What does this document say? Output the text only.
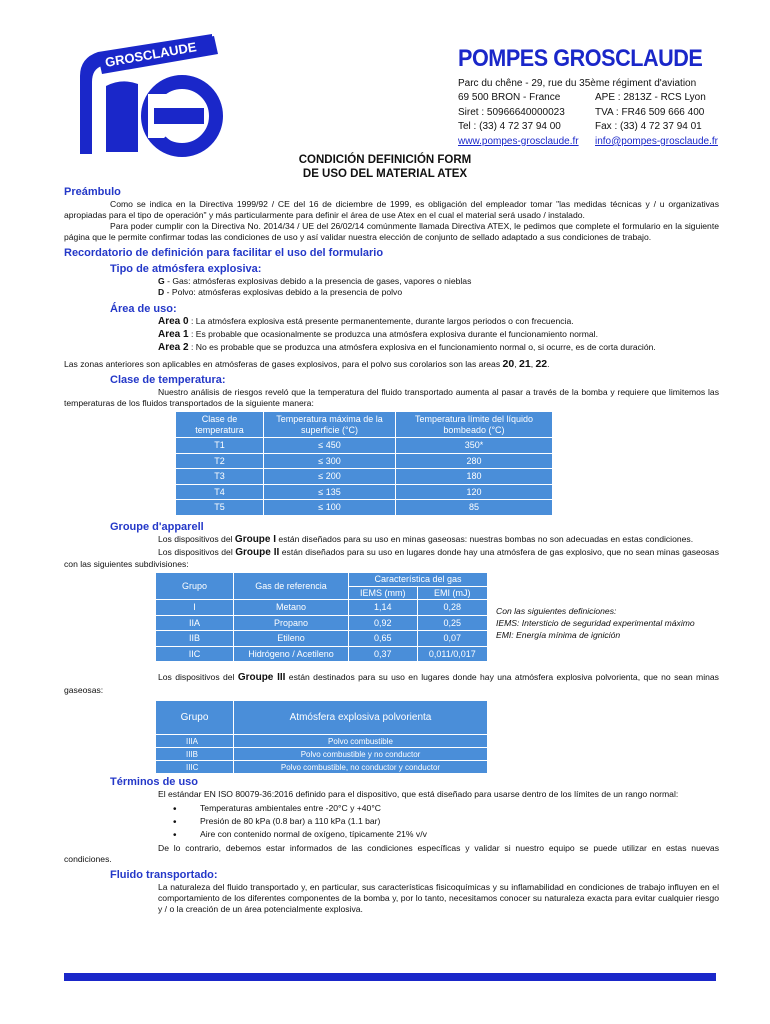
GROSCLAUDE	POMPES GROSCLAUDE
Parc du chêne - 29, rue du 35ème régiment d'aviation
69 500 BRON - France	APE : 2813Z - RCS Lyon
Siret : 50966640000023	TVA : FR46 509 666 400
Tel : (33) 4 72 37 94 00	Fax : (33) 4 72 37 94 01
www.pompes-grosclaude.fr	info@pompes-grosclaude.fr
CONDICIÓN DEFINICIÓN FORM
DE USO DEL MATERIAL ATEX
Preámbulo

Como se indica en la Directiva 1999/92 / CE del 16 de diciembre de 1999, es obligación del empleador tomar "las medidas técnicas y / u organizativas apropiadas para el tipo de operación" y más particularmente para definir el área de use Atex en el cual el material será usado / instalado.

Para poder cumplir con la Directiva No. 2014/34 / UE del 26/02/14 comúnmente llamada Directiva ATEX, le pedimos que complete el formulario en la siguiente página que le permite confirmar todas las condiciones de uso y así validar nuestra elección de conjunto de sellado adaptado a sus condiciones de trabajo.

Recordatorio de definición para facilitar el uso del formulario
Tipo de atmósfera explosiva:

G - Gas: atmósferas explosivas debido a la presencia de gases, vapores o nieblas

D - Polvo: atmósferas explosivas debido a la presencia de polvo

Área de uso:

Area 0 : La atmósfera explosiva está presente permanentemente, durante largos periodos o con frecuencia.

Area 1 : Es probable que ocasionalmente se produzca una atmósfera explosiva durante el funcionamiento normal.

Area 2 : No es probable que se produzca una atmósfera explosiva en el funcionamiento normal o, si ocurre, es de corta duración.

Las zonas anteriores son aplicables en atmósferas de gases explosivos, para el polvo sus corolarios son las areas 20, 21, 22.

Clase de temperatura:

Nuestro análisis de riesgos reveló que la temperatura del fluido transportado aumenta al pasar a través de la bomba y requiere que limitemos las temperaturas de los fluidos transportados de la siguiente manera:

Clase de temperatura	Temperatura máxima de la superficie (°C)	Temperatura límite del líquido bombeado (°C)
T1	≤ 450	350*
T2	≤ 300	280
T3	≤ 200	180
T4	≤ 135	120
T5	≤ 100	85
Groupe d'apparell

Los dispositivos del Groupe I están diseñados para su uso en minas gaseosas: nuestras bombas no son adecuadas en estas condiciones.

Los dispositivos del Groupe II están diseñados para su uso en lugares donde hay una atmósfera de gas explosivo, que no sean minas gaseosas con las siguientes subdivisiones:

Grupo	Gas de referencia	Característica del gas	
		IEMS (mm)	EMI (mJ)
I	Metano	1,14	0,28
IIA	Propano	0,92	0,25
IIB	Etileno	0,65	0,07
IIC	Hidrógeno / Acetileno	0,37	0,011/0,017
Con las siguientes definiciones:
IEMS: Intersticio de seguridad experimental máximo
EMI: Energía mínima de ignición

Los dispositivos del Groupe III están destinados para su uso en lugares donde hay una atmósfera explosiva polvorienta, que no sean minas gaseosas:

Grupo	Atmósfera explosiva polvorienta
IIIA	Polvo combustible
IIIB	Polvo combustible y no conductor
IIIC	Polvo combustible, no conductor y conductor
Términos de uso

El estándar EN ISO 80079-36:2016 definido para el dispositivo, que está diseñado para usarse dentro de los límites de un rango normal:

• Temperaturas ambientales entre -20°C y +40°C
• Presión de 80 kPa (0.8 bar) a 110 kPa (1.1 bar)
• Aire con contenido normal de oxígeno, típicamente 21% v/v

De lo contrario, debemos estar informados de las condiciones específicas y validar si nuestro equipo se puede utilizar en estas nuevas condiciones.

Fluido transportado:

La naturaleza del fluido transportado y, en particular, sus características fisicoquímicas y su inflamabilidad en condiciones de trabajo influyen en el comportamiento de los diferentes componentes de la bomba y, por lo tanto, necesitamos conocer su naturaleza exacta para evitar cualquier riesgo y / o la creación de un área potencialmente explosiva.
